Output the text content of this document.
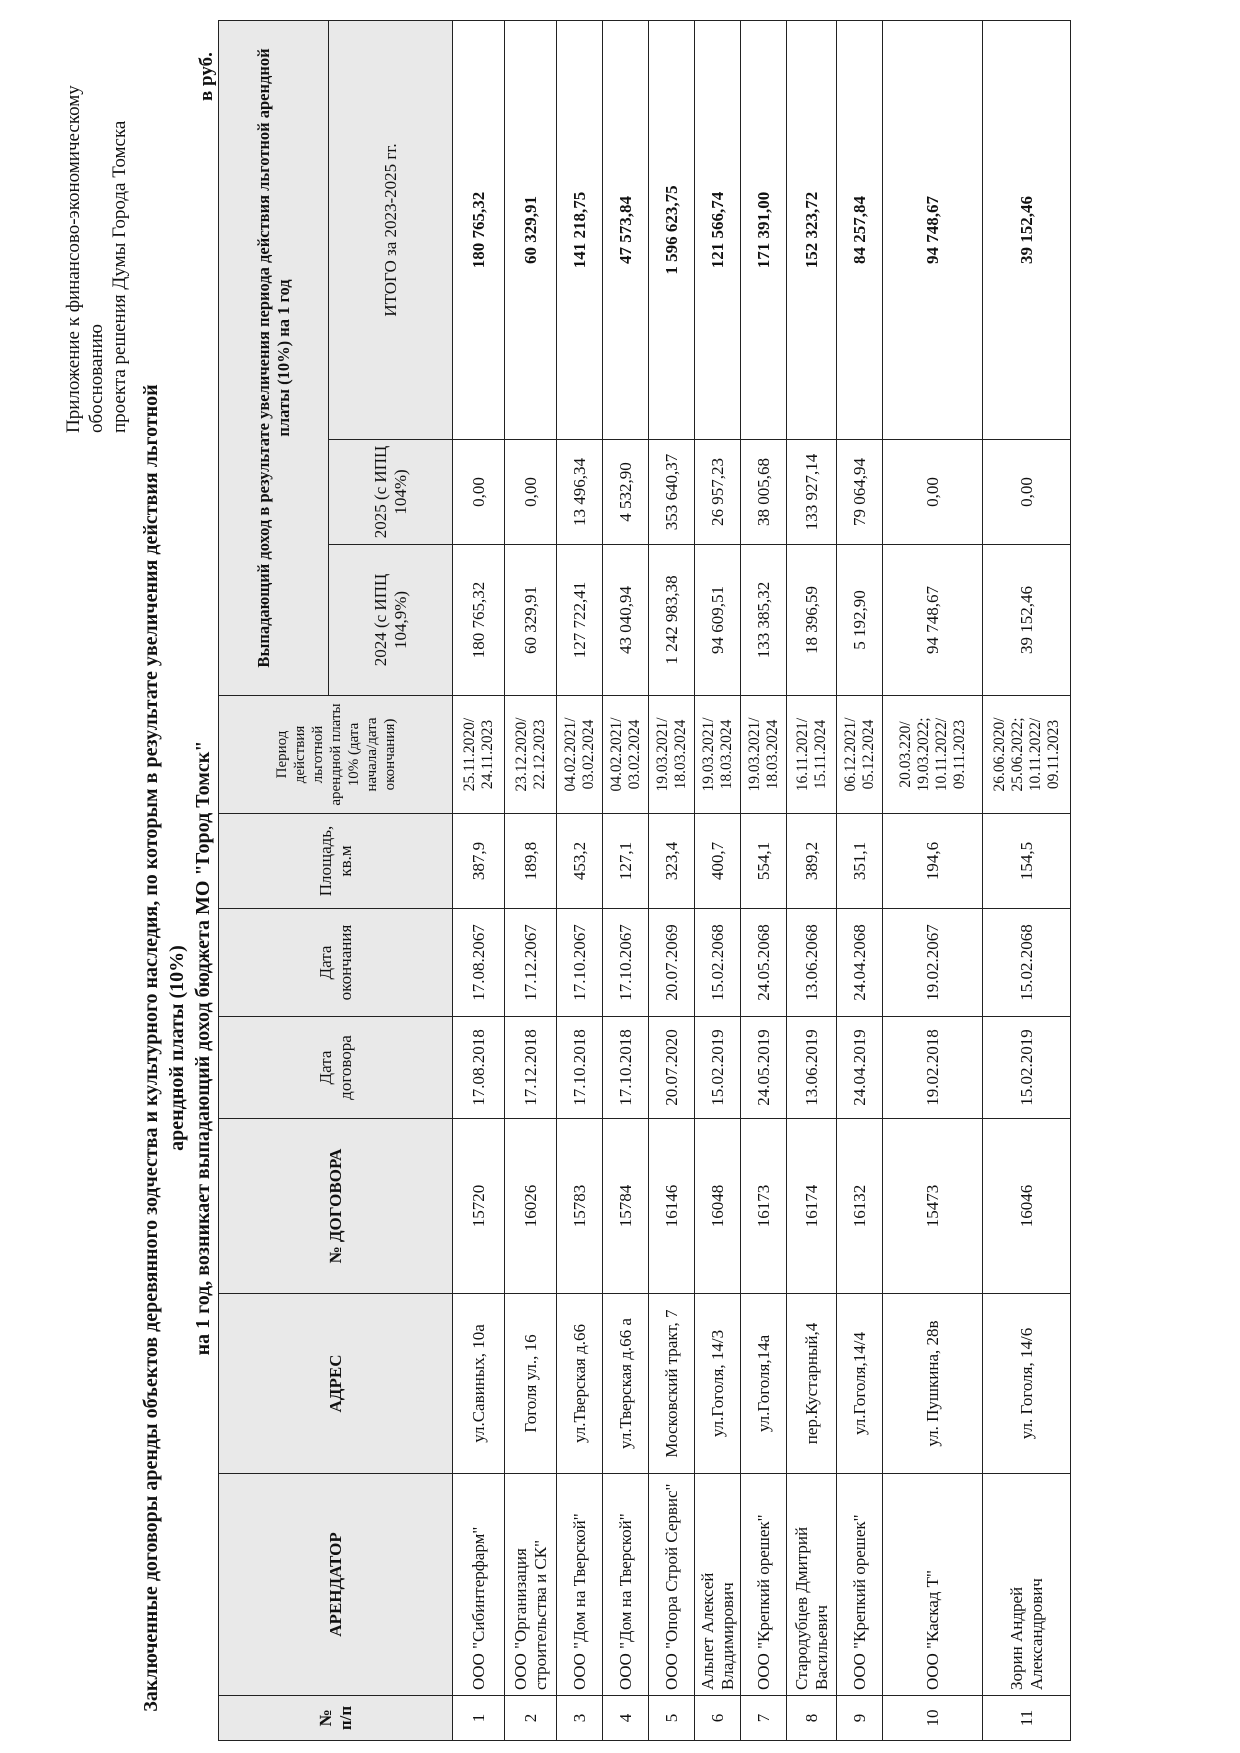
Приложение к финансово-экономическому обоснованию проекта решения Думы Города Томска
Заключенные договоры аренды объектов деревянного зодчества и культурного наследия, по которым в результате увеличения действия льготной арендной платы (10%) на 1 год, возникает выпадающий доход бюджета МО "Город Томск"
в руб.
№ п/п	АРЕНДАТОР	АДРЕС	№ ДОГОВОРА	Дата договора	Дата окончания	Площадь, кв.м	Период действия льготной арендной платы 10% (дата начала/дата окончания)	Выпадающий доход в результате увеличения периода действия льготной арендной платы (10%) на 1 год		
								2024 (с ИПЦ 104,9%)	2025 (с ИПЦ 104%)	ИТОГО за 2023-2025 гг.
1	ООО "Сибинтерфарм"	ул.Савиных, 10а	15720	17.08.2018	17.08.2067	387,9	25.11.2020/ 24.11.2023	180 765,32	0,00	180 765,32
2	ООО "Организация строительства и СК"	Гоголя ул., 16	16026	17.12.2018	17.12.2067	189,8	23.12.2020/ 22.12.2023	60 329,91	0,00	60 329,91
3	ООО "Дом на Тверской"	ул.Тверская д.66	15783	17.10.2018	17.10.2067	453,2	04.02.2021/ 03.02.2024	127 722,41	13 496,34	141 218,75
4	ООО "Дом на Тверской"	ул.Тверская д.66 а	15784	17.10.2018	17.10.2067	127,1	04.02.2021/ 03.02.2024	43 040,94	4 532,90	47 573,84
5	ООО "Опора Строй Сервис"	Московский тракт, 7	16146	20.07.2020	20.07.2069	323,4	19.03.2021/ 18.03.2024	1 242 983,38	353 640,37	1 596 623,75
6	Альпет Алексей Владимирович	ул.Гоголя, 14/3	16048	15.02.2019	15.02.2068	400,7	19.03.2021/ 18.03.2024	94 609,51	26 957,23	121 566,74
7	ООО "Крепкий орешек"	ул.Гоголя,14а	16173	24.05.2019	24.05.2068	554,1	19.03.2021/ 18.03.2024	133 385,32	38 005,68	171 391,00
8	Стародубцев Дмитрий Васильевич	пер.Кустарный,4	16174	13.06.2019	13.06.2068	389,2	16.11.2021/ 15.11.2024	18 396,59	133 927,14	152 323,72
9	ООО "Крепкий орешек"	ул.Гоголя,14/4	16132	24.04.2019	24.04.2068	351,1	06.12.2021/ 05.12.2024	5 192,90	79 064,94	84 257,84
10	ООО "Каскад Т"	ул. Пушкина, 28в	15473	19.02.2018	19.02.2067	194,6	20.03.220/ 19.03.2022; 10.11.2022/ 09.11.2023	94 748,67	0,00	94 748,67
11	Зорин Андрей Александрович	ул. Гоголя, 14/6	16046	15.02.2019	15.02.2068	154,5	26.06.2020/ 25.06.2022; 10.11.2022/ 09.11.2023	39 152,46	0,00	39 152,46
